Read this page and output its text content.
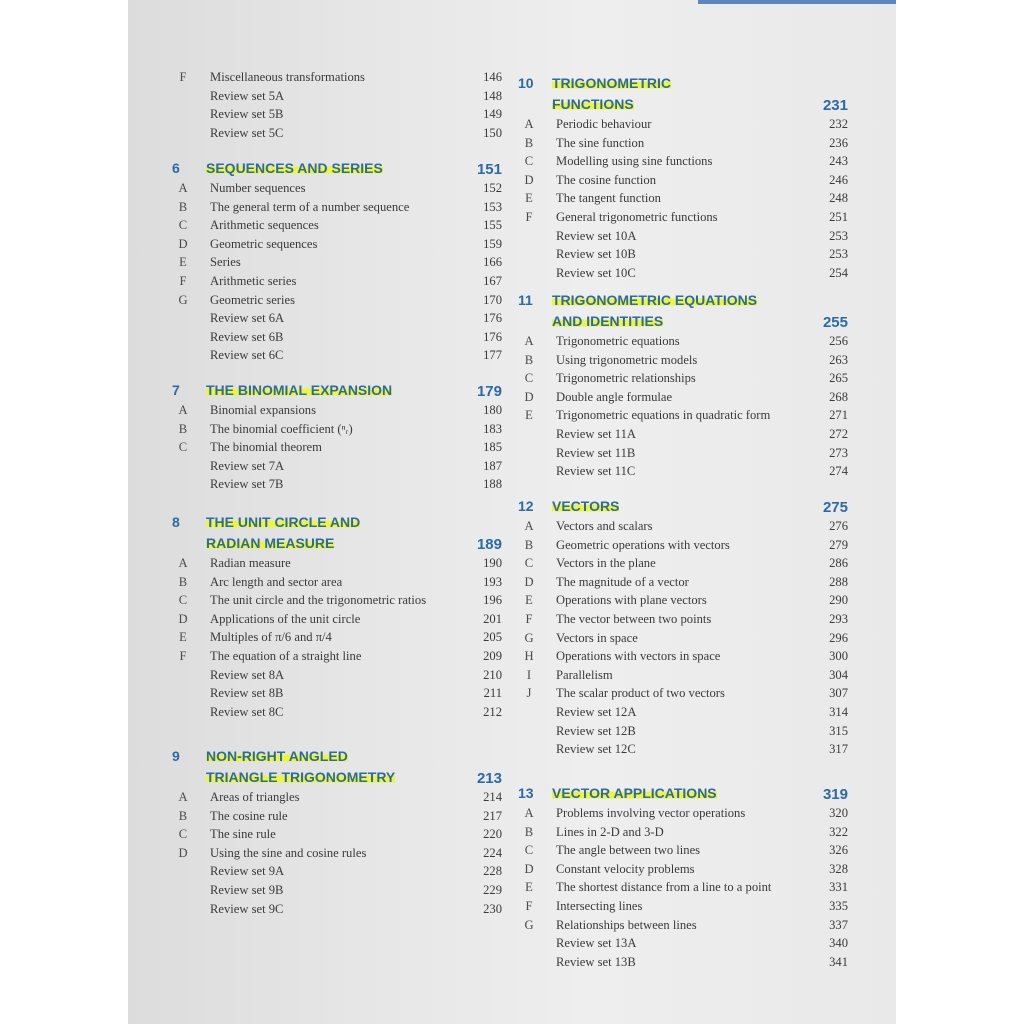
F	Miscellaneous transformations	146
Review set 5A	148
Review set 5B	149
Review set 5C	150
6	SEQUENCES AND SERIES	151
A	Number sequences	152
B	The general term of a number sequence	153
C	Arithmetic sequences	155
D	Geometric sequences	159
E	Series	166
F	Arithmetic series	167
G	Geometric series	170
Review set 6A	176
Review set 6B	176
Review set 6C	177
7	THE BINOMIAL EXPANSION	179
A	Binomial expansions	180
B	The binomial coefficient (ⁿᵣ)	183
C	The binomial theorem	185
Review set 7A	187
Review set 7B	188
8	THE UNIT CIRCLE AND
RADIAN MEASURE	189
A	Radian measure	190
B	Arc length and sector area	193
C	The unit circle and the trigonometric ratios	196
D	Applications of the unit circle	201
E	Multiples of π/6 and π/4	205
F	The equation of a straight line	209
Review set 8A	210
Review set 8B	211
Review set 8C	212
9	NON-RIGHT ANGLED
TRIANGLE TRIGONOMETRY	213
A	Areas of triangles	214
B	The cosine rule	217
C	The sine rule	220
D	Using the sine and cosine rules	224
Review set 9A	228
Review set 9B	229
Review set 9C	230
10	TRIGONOMETRIC
FUNCTIONS	231
A	Periodic behaviour	232
B	The sine function	236
C	Modelling using sine functions	243
D	The cosine function	246
E	The tangent function	248
F	General trigonometric functions	251
Review set 10A	253
Review set 10B	253
Review set 10C	254
11	TRIGONOMETRIC EQUATIONS
AND IDENTITIES	255
A	Trigonometric equations	256
B	Using trigonometric models	263
C	Trigonometric relationships	265
D	Double angle formulae	268
E	Trigonometric equations in quadratic form	271
Review set 11A	272
Review set 11B	273
Review set 11C	274
12	VECTORS	275
A	Vectors and scalars	276
B	Geometric operations with vectors	279
C	Vectors in the plane	286
D	The magnitude of a vector	288
E	Operations with plane vectors	290
F	The vector between two points	293
G	Vectors in space	296
H	Operations with vectors in space	300
I	Parallelism	304
J	The scalar product of two vectors	307
Review set 12A	314
Review set 12B	315
Review set 12C	317
13	VECTOR APPLICATIONS	319
A	Problems involving vector operations	320
B	Lines in 2-D and 3-D	322
C	The angle between two lines	326
D	Constant velocity problems	328
E	The shortest distance from a line to a point	331
F	Intersecting lines	335
G	Relationships between lines	337
Review set 13A	340
Review set 13B	341
